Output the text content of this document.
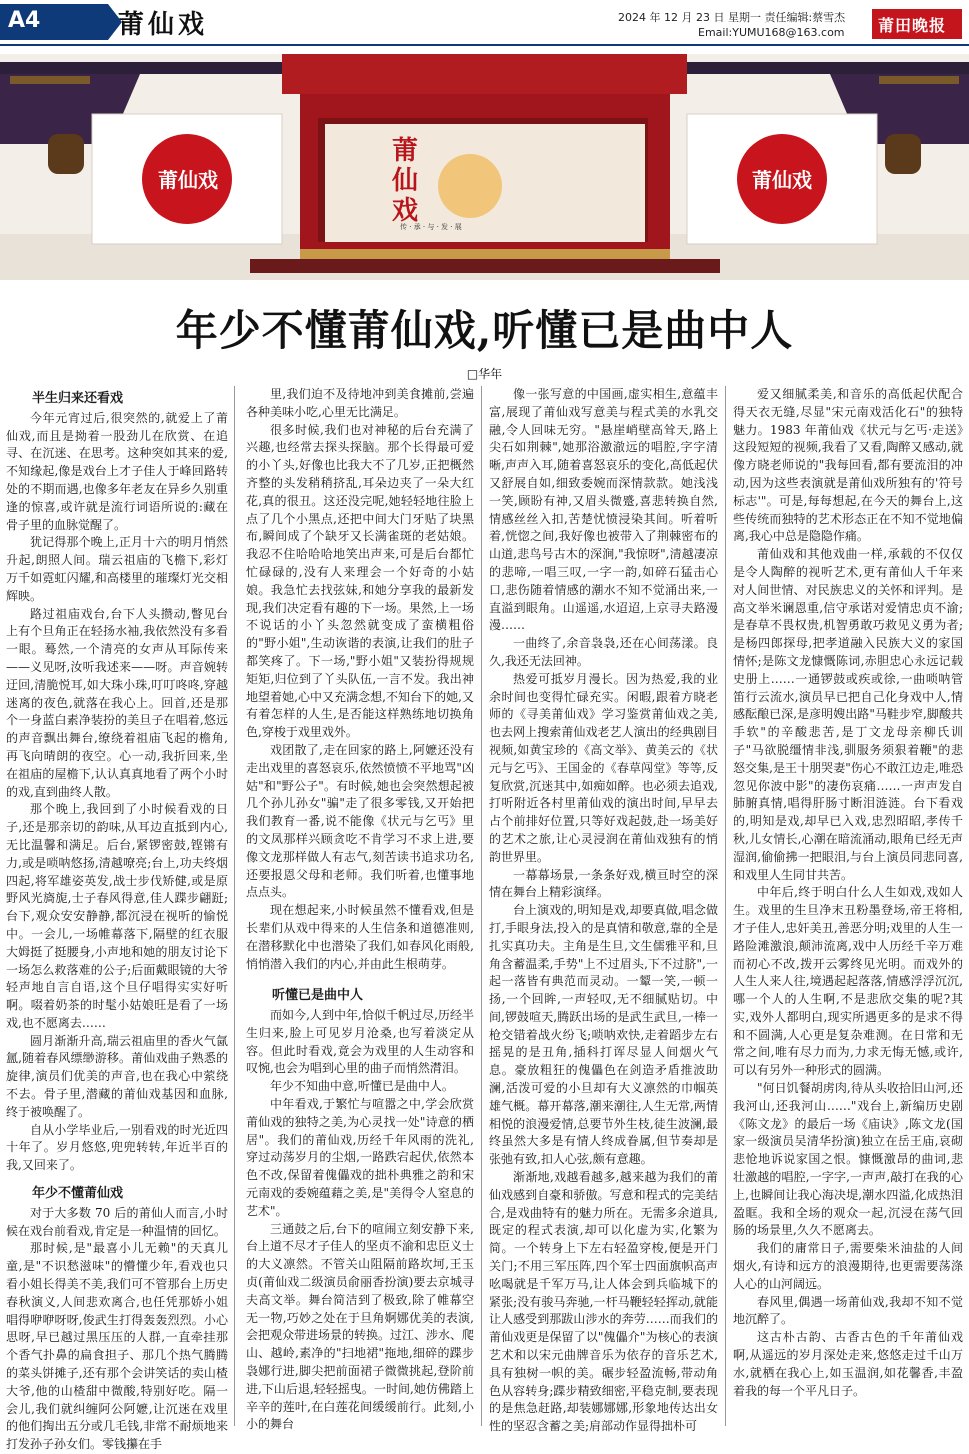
A4	莆仙戏	2024 年 12 月 23 日 星期一 责任编辑:蔡雪杰
Email:YUMU168@163.com	莆田晚报
莆仙戏	莆仙戏
莆仙戏
传 · 承 · 与 · 发 · 展
年少不懂莆仙戏,听懂已是曲中人
□华年
半生归来还看戏

今年元宵过后,很突然的,就爱上了莆仙戏,而且是拗着一股劲儿在欣赏、在追寻、在沉迷、在思考。这种突如其来的爱,不知缘起,像是戏台上才子佳人于峰回路转处的不期而遇,也像多年老友在异乡久别重逢的惊喜,或许就是流行词语所说的:藏在骨子里的血脉觉醒了。

犹记得那个晚上,正月十六的明月悄然升起,朗照人间。瑞云祖庙的飞檐下,彩灯万千如霓虹闪耀,和高楼里的璀璨灯光交相辉映。

路过祖庙戏台,台下人头攒动,瞥见台上有个旦角正在轻扬水袖,我依然没有多看一眼。蓦然,一个清亮的女声从耳际传来——义见呀,汝听我述来——呀。声音婉转迂回,清脆悦耳,如大珠小珠,叮叮咚咚,穿越迷离的夜色,就落在我心上。回首,还是那个一身蓝白素净装扮的美旦子在唱着,悠远的声音飘出舞台,缭绕着祖庙飞起的檐角,再飞向晴朗的夜空。心一动,我折回来,坐在祖庙的屋檐下,认认真真地看了两个小时的戏,直到曲终人散。

那个晚上,我回到了小时候看戏的日子,还是那亲切的韵味,从耳边直抵到内心,无比温馨和满足。后台,紧锣密鼓,铿锵有力,或是唢呐悠扬,清越嘹亮;台上,功夫终烟四起,将军雄姿英发,战士步伐矫健,或是原野风光旖旎,士子春风得意,佳人蹀步翩跹;台下,观众安安静静,都沉浸在视听的愉悦中。一会儿,一场帷幕落下,隔壁的红衣服大姆挺了挺腰身,小声地和她的朋友讨论下一场怎么救落难的公子;后面戴眼镜的大爷轻声地自言自语,这个旦仔唱得实实好听啊。啜着奶茶的时髦小姑娘旺是看了一场戏,也不愿离去……

圆月渐渐升高,瑞云祖庙里的香火气氤氲,随着春风缥缈游移。莆仙戏曲子熟悉的旋律,演员们优美的声音,也在我心中萦绕不去。骨子里,潜藏的莆仙戏基因和血脉,终于被唤醒了。

自从小学毕业后,一别看戏的时光近四十年了。岁月悠悠,兜兜转转,年近半百的我,又回来了。

年少不懂莆仙戏

对于大多数 70 后的莆仙人而言,小时候在戏台前看戏,肯定是一种温情的回忆。

那时候,是"最喜小儿无赖"的天真儿童,是"不识愁滋味"的懵懂少年,看戏也只看小姐长得美不美,我们可不管那台上历史春秋演义,人间悲欢离合,也任凭那娇小姐唱得咿咿呀呀,俊武生打得轰轰烈烈。小心思呀,早已越过黑压压的人群,一直牵挂那个香气扑鼻的扁食担子、那几个热气腾腾的菜头饼摊子,还有那个会讲笑话的卖山楂大爷,他的山楂甜中微酸,特别好吃。隔一会儿,我们就纠缠阿公阿嬷,让沉迷在戏里的他们掏出五分或几毛钱,非常不耐烦地来打发孙子孙女们。零钱攥在手

里,我们迫不及待地冲到美食摊前,尝遍各种美味小吃,心里无比满足。

很多时候,我们也对神秘的后台充满了兴趣,也经常去探头探脑。那个长得最可爱的小丫头,好像也比我大不了几岁,正把概然齐整的头发稍稍挤乱,耳朵边夹了一朵大红花,真的很丑。这还没完呢,她轻轻地往脸上点了几个小黑点,还把中间大门牙贴了块黑布,瞬间成了个缺牙又长满雀斑的老姑娘。我忍不住哈哈哈地笑出声来,可是后台都忙忙碌碌的,没有人来理会一个好奇的小姑娘。我急忙去找弦妹,和她分享我的最新发现,我们决定看有趣的下一场。果然,上一场不说话的小丫头忽然就变成了蛮横粗俗的"野小姐",生动诙谐的表演,让我们的肚子都笑疼了。下一场,"野小姐"又装扮得规规矩矩,归位到了丫头队伍,一言不发。我出神地望着她,心中又充满念想,不知台下的她,又有着怎样的人生,是否能这样熟练地切换角色,穿梭于戏里戏外。

戏团散了,走在回家的路上,阿嬷还没有走出戏里的喜怒哀乐,依然愤愤不平地骂"凶姑"和"野公子"。有时候,她也会突然想起被几个孙儿孙女"骗"走了很多零钱,又开始把我们教育一番,说不能像《状元与乞丐》里的文凤那样兴顾贪吃不肯学习不求上进,要像文龙那样做人有志气,刻苦读书追求功名,还要报恩父母和老师。我们听着,也懂事地点点头。

现在想起来,小时候虽然不懂看戏,但是长辈们从戏中得来的人生信条和道德准则,在潜移默化中也潜染了我们,如春风化雨般,悄悄潜入我们的内心,并由此生根萌芽。

听懂已是曲中人

而如今,人到中年,恰似千帆过尽,历经半生归来,脸上可见岁月沧桑,也写着淡定从容。但此时看戏,竟会为戏里的人生动容和叹惋,也会为唱到心里的曲子而悄然潸泪。

年少不知曲中意,听懂已是曲中人。

中年看戏,于繁忙与喧嚣之中,学会欣赏莆仙戏的独特之美,为心灵找一处"诗意的栖居"。我们的莆仙戏,历经千年风雨的洗礼,穿过动荡岁月的尘烟,一路跌宕起伏,依然本色不改,保留着傀儡戏的拙朴典雅之韵和宋元南戏的委婉蕴藉之美,是"美得令人窒息的艺术"。

三通鼓之后,台下的喧闹立刻安静下来,台上道不尽才子佳人的坚贞不渝和忠臣义士的大义凛然。不管关山阻隔前路坎坷,王玉贞(莆仙戏二级演员俞丽香扮演)要去京城寻夫高文举。舞台简洁到了极致,除了帷幕空无一物,巧妙之处在于旦角婀娜优美的表演,会把观众带进场景的转换。过江、涉水、爬山、越岭,素净的"扫地裙"拖地,细碎的蹀步袅娜行进,脚尖把前面裙子微微挑起,登阶前进,下山后退,轻轻摇曳。一时间,她仿佛踏上辛辛的莲叶,在白莲花间缓缓前行。此刻,小小的舞台

像一张写意的中国画,虚实相生,意蕴丰富,展现了莆仙戏写意美与程式美的水乳交融,令人回味无穷。"悬崖峭壁高耸天,路上尖石如荆棘",她那浴激澈远的唱腔,字字清晰,声声入耳,随着喜怒哀乐的变化,高低起伏又舒展自如,细致委婉而深情款款。她浅浅一笑,顾盼有神,又眉头微蹙,喜悲转换自然,情感丝丝入扣,苦楚忧愤浸染其间。听着听着,恍惚之间,我好像也被带入了荆棘密布的山道,悲鸟号古木的深涧,"我惊呀",清越凄凉的悲啼,一唱三叹,一字一韵,如碎石猛击心口,悲伤随着情感的潮水不知不觉涌出来,一直溢到眼角。山遥遥,水迢迢,上京寻夫路漫漫……

一曲终了,余音袅袅,还在心间荡漾。良久,我还无法回神。

热爱可抵岁月漫长。因为热爱,我的业余时间也变得忙碌充实。闲暇,跟着方晓老师的《寻美莆仙戏》学习鉴赏莆仙戏之美,也去网上搜索莆仙戏老艺人演出的经典剧目视频,如黄宝珍的《高文举》、黄美云的《状元与乞丐》、王国金的《春草闯堂》等等,反复欣赏,沉迷其中,如痴如醉。也必须去追戏,打听附近各村里莆仙戏的演出时间,早早去占个前排好位置,只等好戏起鼓,赴一场美好的艺术之旅,让心灵浸润在莆仙戏独有的悄韵世界里。

一幕幕场景,一条条好戏,横亘时空的深情在舞台上精彩演绎。

台上演戏的,明知是戏,却要真做,唱念做打,手眼身法,投入的是真情和敬意,靠的全是扎实真功夫。主角是生旦,文生儒雅平和,旦角含蓄温柔,手势"上不过眉头,下不过脐",一起一落皆有典范而灵动。一颦一笑,一顿一扬,一个回眸,一声轻叹,无不细腻贴切。中间,锣鼓喧天,腾跃出场的是武生武旦,一棒一枪交错着战火纷飞;唢呐欢快,走着蹈步左右摇晃的是丑角,插科打诨尽显人间烟火气息。豪放粗狂的傀儡色在剑造矛盾推波助澜,活泼可爱的小旦却有大义凛然的巾帼英雄气概。幕开幕落,潮来潮往,人生无常,两情相悦的浪漫爱情,总要节外生枝,徒生波澜,最终虽然大多是有情人终成眷属,但节奏却是张弛有致,扣人心弦,颇有意趣。

渐渐地,戏越看越多,越来越为我们的莆仙戏感到自豪和骄傲。写意和程式的完美结合,是戏曲特有的魅力所在。无需多余道具,既定的程式表演,却可以化虚为实,化繁为简。一个转身上下左右轻盈穿梭,便是开门关门;不用三军压阵,四个军士四面旗帜高声吆喝就是千军万马,让人体会到兵临城下的紧张;没有骏马奔驰,一杆马鞭轻轻挥动,就能让人感受到那跋山涉水的奔劳……而我们的莆仙戏更是保留了以"傀儡介"为核心的表演艺术和以宋元曲牌音乐为依存的音乐艺术,具有独树一帜的美。碾步轻盈流畅,带动角色从容转身;蹀步精致细密,平稳克制,要表现的是焦急赶路,却装娜娜娜,形象地传达出女性的坚忍含蓄之美;肩部动作显得拙朴可

爱又细腻柔美,和音乐的高低起伏配合得天衣无缝,尽显"宋元南戏活化石"的独特魅力。1983 年莆仙戏《状元与乞丐·走送》这段短短的视频,我看了又看,陶醉又感动,就像方晓老师说的"我每回看,都有要流泪的冲动,因为这些表演就是莆仙戏所独有的'符号标志'"。可是,每每想起,在今天的舞台上,这些传统而独特的艺术形态正在不知不觉地偏离,我心中总是隐隐作痛。

莆仙戏和其他戏曲一样,承载的不仅仅是令人陶醉的视听艺术,更有莆仙人千年来对人间世情、对民族忠义的关怀和评判。是高文举米谰恩重,信守承诺对爱情忠贞不渝;是春草不畏权贵,机智勇敢巧救见义勇为者;是杨四郎探母,把孝道融入民族大义的家国情怀;是陈文龙慷慨陈词,赤胆忠心永远记载史册上……一通锣鼓或疾或徐,一曲唢呐管笛行云流水,演员早已把自己化身戏中人,情感酝酿已深,是彦明嫂出路"马鞋步窄,脚酸共手软"的辛酸悲苦,是丁文龙母亲柳氏训子"马欲脱缰情非浅,驯服务须狠着鞭"的悲怒交集,是王十朋哭妻"伤心不敢江边走,唯恐忽见你波中影"的凄伤哀痛……一声声发自肺腑真情,唱得肝肠寸断泪涟涟。台下看戏的,明知是戏,却早已入戏,忠烈昭昭,孝传千秋,儿女情长,心潮在暗流涌动,眼角已经无声湿润,偷偷拂一把眼泪,与台上演员同悲同喜,和戏里人生同甘共苦。

中年后,终于明白什么人生如戏,戏如人生。戏里的生旦净末丑粉墨登场,帝王将相,才子佳人,忠奸美丑,善恶分明;戏里的人生一路险滩激浪,颠沛流离,戏中人历经千辛万难而初心不改,拨开云雾终见光明。而戏外的人生人来人往,境遇起起落落,情感浮浮沉沉,哪一个人的人生啊,不是悲欣交集的呢?其实,戏外人都明白,现实所遇更多的是求不得和不圆满,人心更是复杂难测。在日常和无常之间,唯有尽力而为,力求无悔无憾,或许,可以有另外一种形式的圆满。

"何日饥餐胡虏肉,待从头收拾旧山河,还我河山,还我河山……"戏台上,新编历史剧《陈文龙》的最后一场《庙诀》,陈文龙(国家一级演员吴清华扮演)独立在岳王庙,哀砌悲怆地诉说家国之恨。慷慨激昂的曲词,悲壮激越的唱腔,一字字,一声声,敲打在我的心上,也瞬间让我心海决堤,潮水四溢,化成热泪盈眶。我和全场的观众一起,沉浸在荡气回肠的场景里,久久不愿离去。

我们的庸常日子,需要柴米油盐的人间烟火,有诗和远方的浪漫期待,也更需要荡涤人心的山河阔远。

春风里,偶遇一场莆仙戏,我却不知不觉地沉醉了。

这古朴古韵、古香古色的千年莆仙戏啊,从遥远的岁月深处走来,悠悠走过千山万水,就栖在我心上,如玉温润,如花馨香,丰盈着我的每一个平凡日子。
